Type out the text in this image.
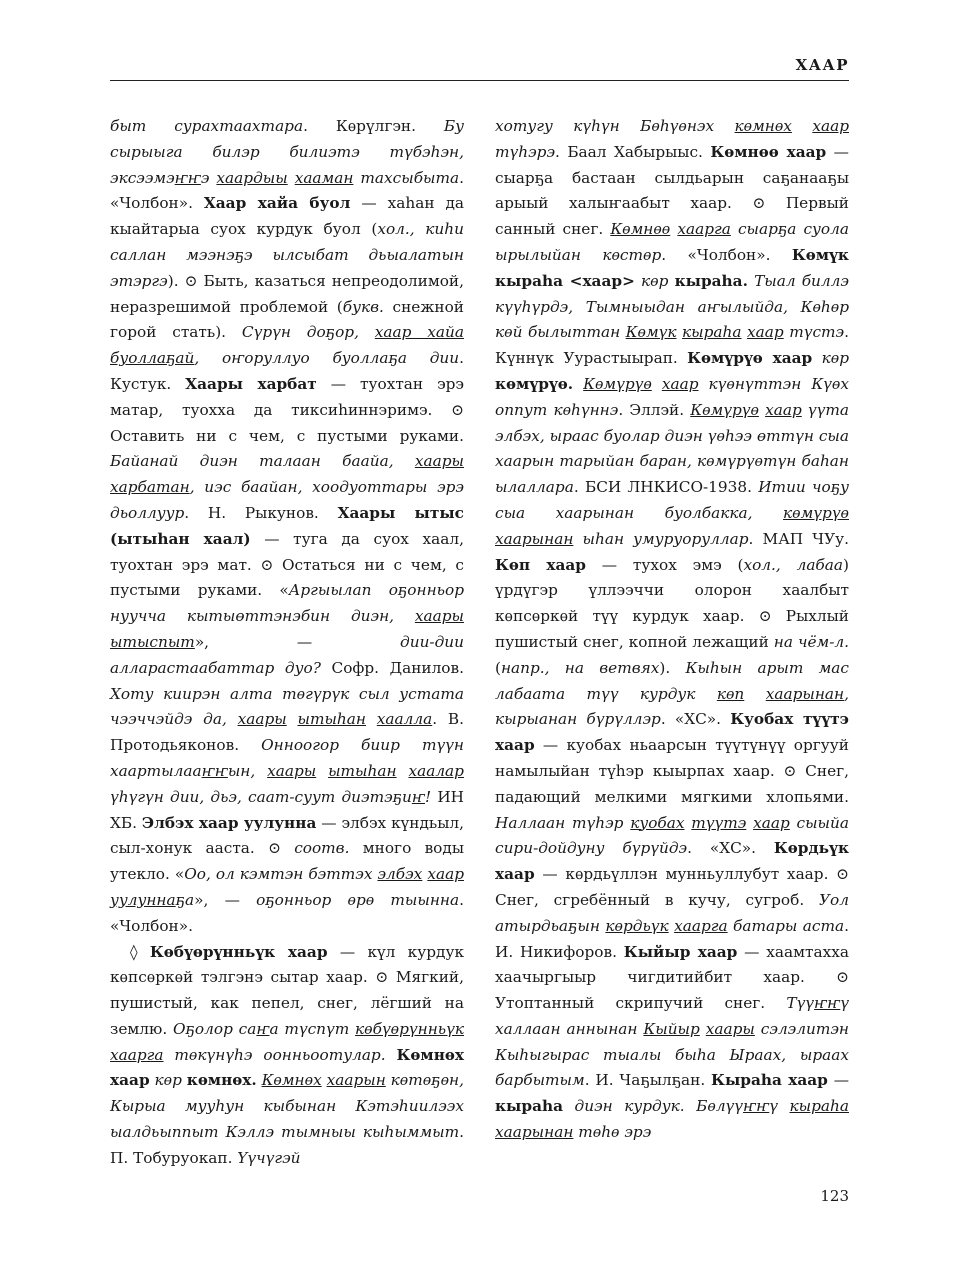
ХААР

быт сурахтаахтара. Кѳрүлгэн. Бу сырыыга билэр билиэтэ түбэһэн, эксээмэҥҥэ хаардыы хааман тахсыбыта. «Чолбон». Хаар хайа буол — хаһан да кыайтарыа суох курдук буол (хол., киһи саллан мээнэҕэ ылсыбат дьыалатын этэргэ). ⊙ Быть, казаться непреодолимой, неразрешимой проблемой (букв. снежной горой стать). Сүрүн доҕор, хаар хайа буоллаҕай, оҥоруллуо буоллаҕа дии. Кустук. Хаары харбат — туохтан эрэ матар, туохха да тиксиһиннэримэ. ⊙ Оставить ни с чем, с пустыми руками. Байанай диэн талаан баайа, хаары харбатан, иэс баайан, хоодуоттары эрэ дьоллуур. Н. Рыкунов. Хаары ытыс (ытыһан хаал) — туга да суох хаал, туохтан эрэ мат. ⊙ Остаться ни с чем, с пустыми руками. «Аргыылап оҕонньор нуучча кытыөттэнэбин диэн, хаары ытыспыт», — дии-дии алларастаабаттар дуо? Софр. Данилов. Хоту киирэн алта тѳгүрүк сыл устата чээччэйдэ да, хаары ытыһан хаалла. В. Протодьяконов. Онноогор биир түүн хаартылааҥҥын, хаары ытыһан хаалар үһүгүн дии, дьэ, саат-суут диэтэҕиҥ! ИН ХБ. Элбэх хаар уулунна — элбэх күндьыл, сыл-хонук ааста. ⊙ соотв. много воды утекло. «Оо, ол кэмтэн бэттэх элбэх хаар уулуннаҕа», — оҕонньор ѳрѳ тыынна. «Чолбон».

◊ Кѳбүѳрүнньүк хаар — күл курдук кѳпсѳркѳй тэлгэнэ сытар хаар. ⊙ Мягкий, пушистый, как пепел, снег, лёгший на землю. Оҕолор саҥа түспүт кѳбүѳрүнньүк хаарга тѳкүнүһэ оонньоотулар. Кѳмнѳх хаар кѳр кѳмнѳх. Кѳмнѳх хаарын кѳтѳҕѳн, Кырыа мууһун кыбынан Кэтэһиилээх ыалдьыппыт Кэллэ тымныы кыһыммыт. П. Тобуруокап. Үүчүгэй

хотугу күһүн Бѳһүѳнэх кѳмнѳх хаар түһэрэ. Баал Хабырыыс. Кѳмнѳѳ хаар — сыарҕа бастаан сылдьарын саҕанааҕы арыый халыҥаабыт хаар. ⊙ Первый санный снег. Кѳмнѳѳ хаарга сыарҕа суола ырылыйан кѳстѳр. «Чолбон». Кѳмүк кыраһа <хаар> кѳр кыраһа. Тыал биллэ күүһүрдэ, Тымныыдан аҥылыйда, Кѳһѳр кѳй былыттан Кѳмүк кыраһа хаар түстэ. Күннүк Уурастыырап. Кѳмүрүѳ хаар кѳр кѳмүрүѳ. Кѳмүрүѳ хаар күѳнүттэн Күѳх оппут кѳһүннэ. Эллэй. Кѳмүрүѳ хаар үүта элбэх, ыраас буолар диэн үѳһээ өттүн сыа хаарын тарыйан баран, кѳмүрүѳтүн баһан ылаллара. БСИ ЛНКИСО-1938. Итии чоҕу сыа хаарынан буолбакка, кѳмүрүѳ хаарынан ыһан умуруоруллар. МАП ЧУу. Кѳп хаар — тухох эмэ (хол., лабаа) үрдүгэр үллээччи олорон хаалбыт кѳпсѳркѳй түү курдук хаар. ⊙ Рыхлый пушистый снег, копной лежащий на чём-л. (напр., на ветвях). Кыһын арыт мас лабаата түү курдук кѳп хаарынан, кырыанан бүрүллэр. «ХС». Куобах түүтэ хаар — куобах ньаарсын түүтүнүү оргууй намылыйан түһэр кыырпах хаар. ⊙ Снег, падающий мелкими мягкими хлопьями. Наллаан түһэр куобах түүтэ хаар сыыйа сири-дойдуну бүрүйдэ. «ХС». Кѳрдьүк хаар — кѳрдьүллэн мунньуллубут хаар. ⊙ Снег, сгребённый в кучу, сугроб. Уол атырдьаҕын кѳрдьүк хаарга батары аста. И. Никифоров. Кыйыр хаар — хаамтахха хаачыргыыр чигдитийбит хаар. ⊙ Утоптанный скрипучий снег. Түүҥҥү халлаан аннынан Кыйыр хаары сэлэлитэн Кыһыгырас тыалы быһа Ыраах, ыраах барбытым. И. Чаҕылҕан. Кыраһа хаар — кыраһа диэн курдук. Бѳлүүҥҥү кыраһа хаарынан тѳһѳ эрэ

123
